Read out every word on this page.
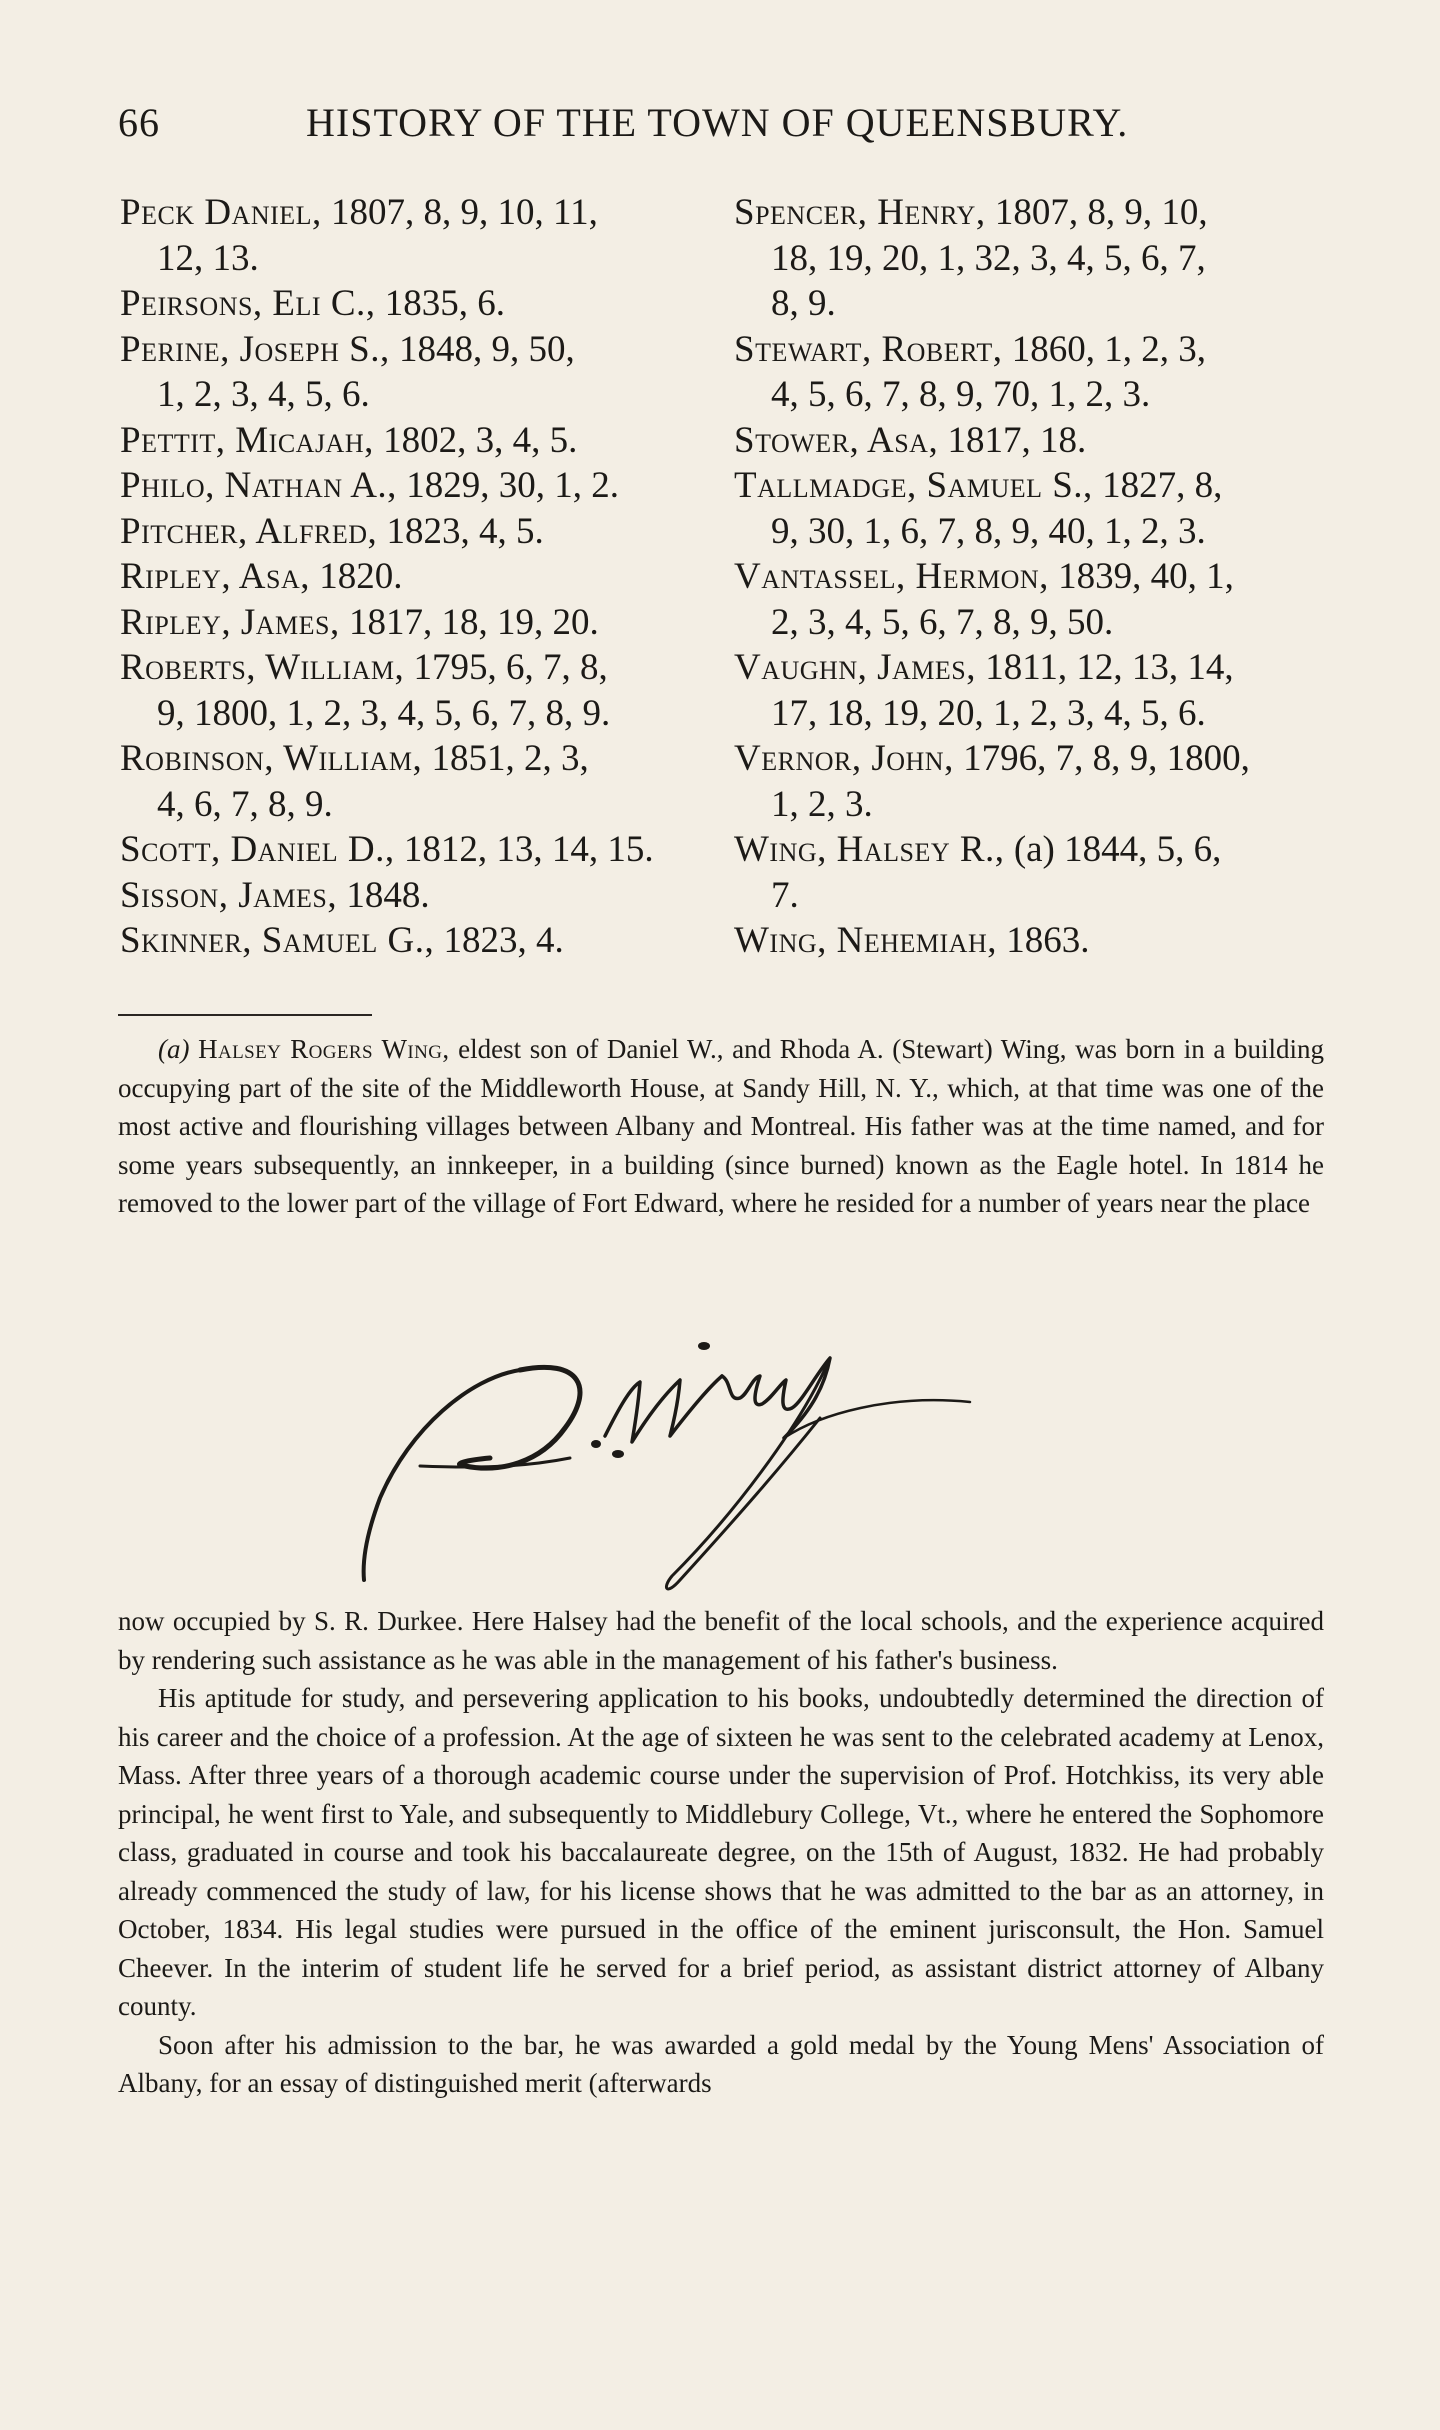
66	HISTORY OF THE TOWN OF QUEENSBURY.
Peck Daniel, 1807, 8, 9, 10, 11,
12, 13.
Peirsons, Eli C., 1835, 6.
Perine, Joseph S., 1848, 9, 50,
1, 2, 3, 4, 5, 6.
Pettit, Micajah, 1802, 3, 4, 5.
Philo, Nathan A., 1829, 30, 1, 2.
Pitcher, Alfred, 1823, 4, 5.
Ripley, Asa, 1820.
Ripley, James, 1817, 18, 19, 20.
Roberts, William, 1795, 6, 7, 8,
9, 1800, 1, 2, 3, 4, 5, 6, 7, 8, 9.
Robinson, William, 1851, 2, 3,
4, 6, 7, 8, 9.
Scott, Daniel D., 1812, 13, 14, 15.
Sisson, James, 1848.
Skinner, Samuel G., 1823, 4.
Spencer, Henry, 1807, 8, 9, 10,
18, 19, 20, 1, 32, 3, 4, 5, 6, 7,
8, 9.
Stewart, Robert, 1860, 1, 2, 3,
4, 5, 6, 7, 8, 9, 70, 1, 2, 3.
Stower, Asa, 1817, 18.
Tallmadge, Samuel S., 1827, 8,
9, 30, 1, 6, 7, 8, 9, 40, 1, 2, 3.
Vantassel, Hermon, 1839, 40, 1,
2, 3, 4, 5, 6, 7, 8, 9, 50.
Vaughn, James, 1811, 12, 13, 14,
17, 18, 19, 20, 1, 2, 3, 4, 5, 6.
Vernor, John, 1796, 7, 8, 9, 1800,
1, 2, 3.
Wing, Halsey R., (a) 1844, 5, 6,
7.
Wing, Nehemiah, 1863.

(a) Halsey Rogers Wing, eldest son of Daniel W., and Rhoda A. (Stewart) Wing, was born in a building occupying part of the site of the Middleworth House, at Sandy Hill, N. Y., which, at that time was one of the most active and flourishing villages between Albany and Montreal. His father was at the time named, and for some years subsequently, an innkeeper, in a building (since burned) known as the Eagle hotel. In 1814 he removed to the lower part of the village of Fort Edward, where he resided for a number of years near the place

now occupied by S. R. Durkee. Here Halsey had the benefit of the local schools, and the experience acquired by rendering such assistance as he was able in the management of his father's business.

His aptitude for study, and persevering application to his books, undoubtedly determined the direction of his career and the choice of a profession. At the age of sixteen he was sent to the celebrated academy at Lenox, Mass. After three years of a thorough academic course under the supervision of Prof. Hotchkiss, its very able principal, he went first to Yale, and subsequently to Middlebury College, Vt., where he entered the Sophomore class, graduated in course and took his baccalaureate degree, on the 15th of August, 1832. He had probably already commenced the study of law, for his license shows that he was admitted to the bar as an attorney, in October, 1834. His legal studies were pursued in the office of the eminent jurisconsult, the Hon. Samuel Cheever. In the interim of student life he served for a brief period, as assistant district attorney of Albany county.

Soon after his admission to the bar, he was awarded a gold medal by the Young Mens' Association of Albany, for an essay of distinguished merit (afterwards
